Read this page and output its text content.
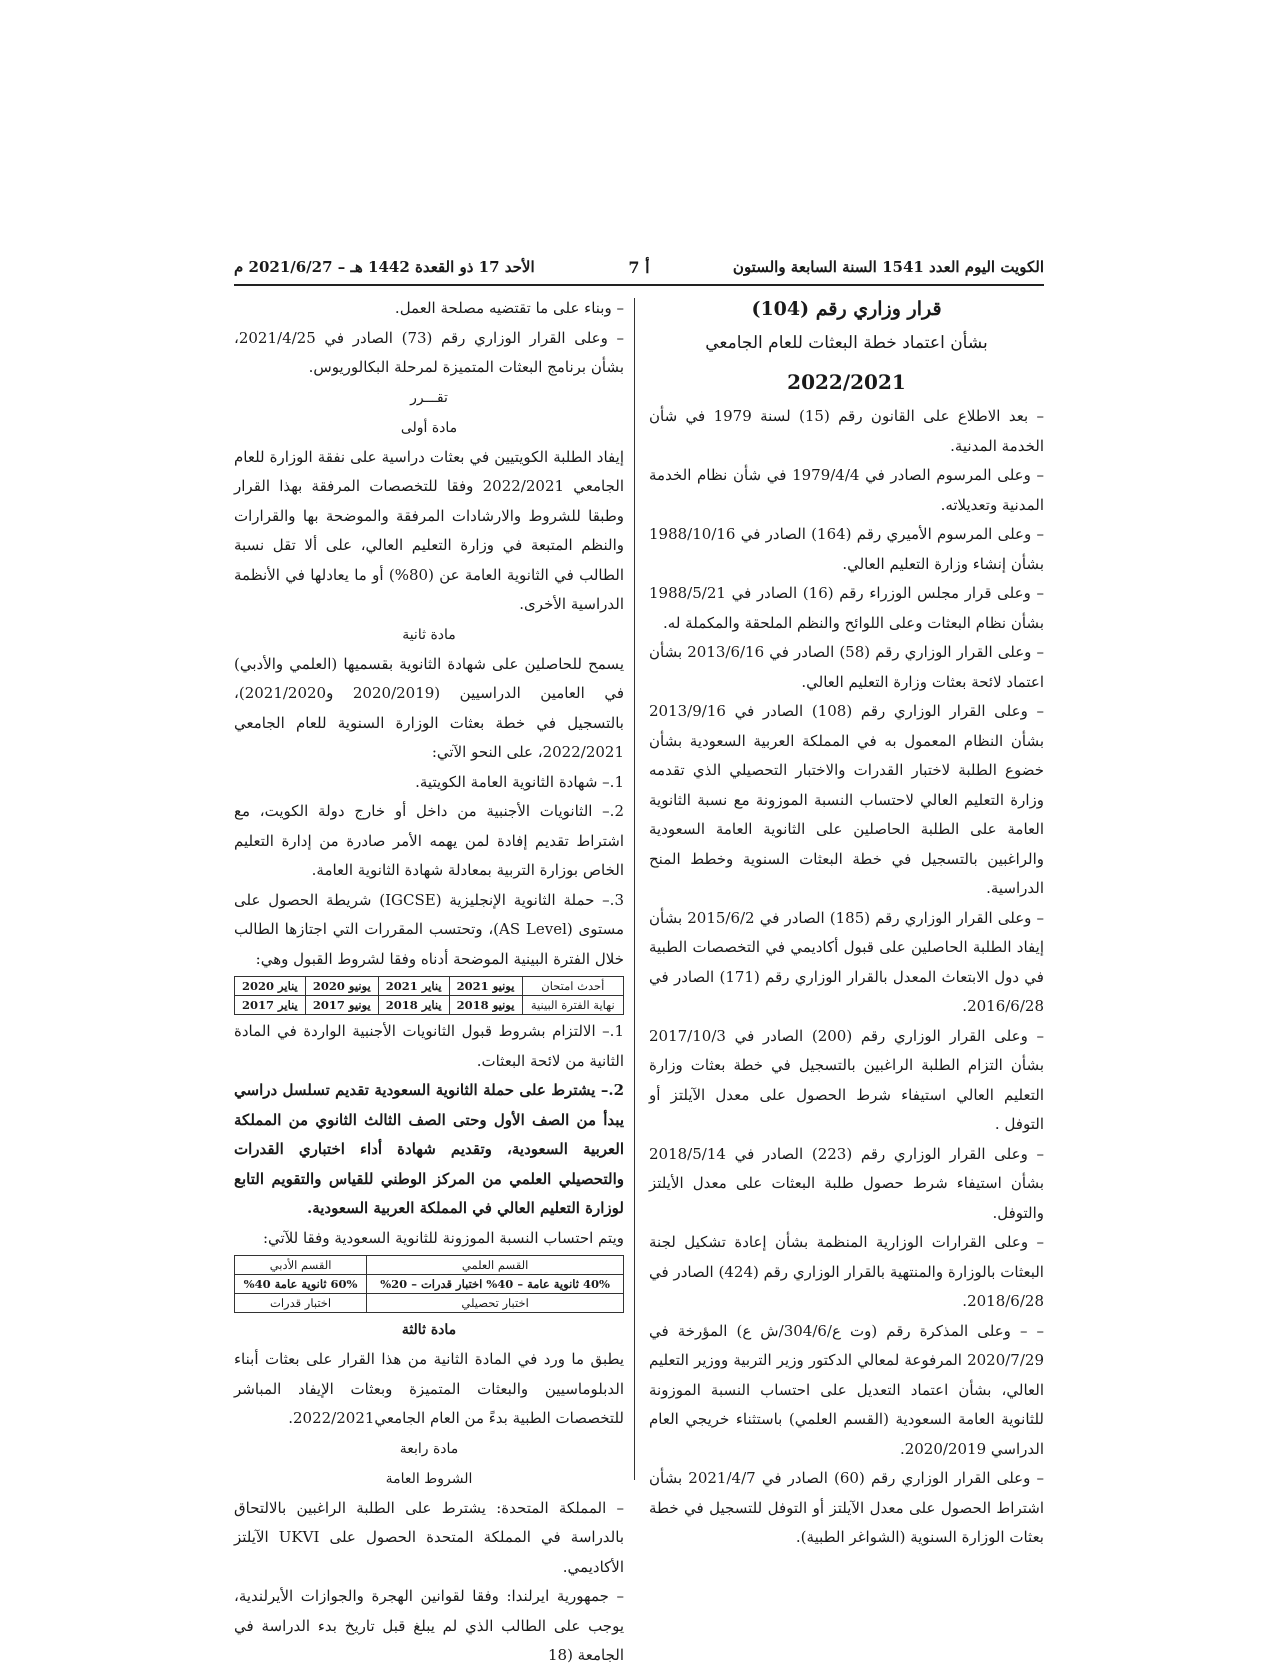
الكويت اليوم العدد 1541 السنة السابعة والستون
أ 7
الأحد 17 ذو القعدة 1442 هـ – 2021/6/27 م

قرار وزاري رقم (104)

بشأن اعتماد خطة البعثات للعام الجامعي

2022/2021

– بعد الاطلاع على القانون رقم (15) لسنة 1979 في شأن الخدمة المدنية.

– وعلى المرسوم الصادر في 1979/4/4 في شأن نظام الخدمة المدنية وتعديلاته.

– وعلى المرسوم الأميري رقم (164) الصادر في 1988/10/16 بشأن إنشاء وزارة التعليم العالي.

– وعلى قرار مجلس الوزراء رقم (16) الصادر في 1988/5/21 بشأن نظام البعثات وعلى اللوائح والنظم الملحقة والمكملة له.

– وعلى القرار الوزاري رقم (58) الصادر في 2013/6/16 بشأن اعتماد لائحة بعثات وزارة التعليم العالي.

– وعلى القرار الوزاري رقم (108) الصادر في 2013/9/16 بشأن النظام المعمول به في المملكة العربية السعودية بشأن خضوع الطلبة لاختبار القدرات والاختبار التحصيلي الذي تقدمه وزارة التعليم العالي لاحتساب النسبة الموزونة مع نسبة الثانوية العامة على الطلبة الحاصلين على الثانوية العامة السعودية والراغبين بالتسجيل في خطة البعثات السنوية وخطط المنح الدراسية.

– وعلى القرار الوزاري رقم (185) الصادر في 2015/6/2 بشأن إيفاد الطلبة الحاصلين على قبول أكاديمي في التخصصات الطبية في دول الابتعاث المعدل بالقرار الوزاري رقم (171) الصادر في 2016/6/28.

– وعلى القرار الوزاري رقم (200) الصادر في 2017/10/3 بشأن التزام الطلبة الراغبين بالتسجيل في خطة بعثات وزارة التعليم العالي استيفاء شرط الحصول على معدل الآيلتز أو التوفل .

– وعلى القرار الوزاري رقم (223) الصادر في 2018/5/14 بشأن استيفاء شرط حصول طلبة البعثات على معدل الأيلتز والتوفل.

– وعلى القرارات الوزارية المنظمة بشأن إعادة تشكيل لجنة البعثات بالوزارة والمنتهية بالقرار الوزاري رقم (424) الصادر في 2018/6/28.

– – وعلى المذكرة رقم (وت ع/304/6/ش ع) المؤرخة في 2020/7/29 المرفوعة لمعالي الدكتور وزير التربية ووزير التعليم العالي، بشأن اعتماد التعديل على احتساب النسبة الموزونة للثانوية العامة السعودية (القسم العلمي) باستثناء خريجي العام الدراسي 2020/2019.

– وعلى القرار الوزاري رقم (60) الصادر في 2021/4/7 بشأن اشتراط الحصول على معدل الآيلتز أو التوفل للتسجيل في خطة بعثات الوزارة السنوية (الشواغر الطبية).

– وبناء على ما تقتضيه مصلحة العمل.

– وعلى القرار الوزاري رقم (73) الصادر في 2021/4/25، بشأن برنامج البعثات المتميزة لمرحلة البكالوريوس.

تقـــرر

مادة أولى

إيفاد الطلبة الكويتيين في بعثات دراسية على نفقة الوزارة للعام الجامعي 2022/2021 وفقا للتخصصات المرفقة بهذا القرار وطبقا للشروط والارشادات المرفقة والموضحة بها والقرارات والنظم المتبعة في وزارة التعليم العالي، على ألا تقل نسبة الطالب في الثانوية العامة عن (80%) أو ما يعادلها في الأنظمة الدراسية الأخرى.

مادة ثانية

يسمح للحاصلين على شهادة الثانوية بقسميها (العلمي والأدبي) في العامين الدراسيين (2020/2019 و2021/2020)، بالتسجيل في خطة بعثات الوزارة السنوية للعام الجامعي 2022/2021، على النحو الآتي:

1.– شهادة الثانوية العامة الكويتية.

2.– الثانويات الأجنبية من داخل أو خارج دولة الكويت، مع اشتراط تقديم إفادة لمن يهمه الأمر صادرة من إدارة التعليم الخاص بوزارة التربية بمعادلة شهادة الثانوية العامة.

3.– حملة الثانوية الإنجليزية (IGCSE) شريطة الحصول على مستوى (AS Level)، وتحتسب المقررات التي اجتازها الطالب خلال الفترة البينية الموضحة أدناه وفقا لشروط القبول وهي:

أحدث امتحان	يونيو 2021	يناير 2021	يونيو 2020	يناير 2020
نهاية الفترة البينية	يونيو 2018	يناير 2018	يونيو 2017	يناير 2017

1.– الالتزام بشروط قبول الثانويات الأجنبية الواردة في المادة الثانية من لائحة البعثات.

2.– يشترط على حملة الثانوية السعودية تقديم تسلسل دراسي يبدأ من الصف الأول وحتى الصف الثالث الثانوي من المملكة العربية السعودية، وتقديم شهادة أداء اختباري القدرات والتحصيلي العلمي من المركز الوطني للقياس والتقويم التابع لوزارة التعليم العالي في المملكة العربية السعودية.

ويتم احتساب النسبة الموزونة للثانوية السعودية وفقا للآتي:

القسم العلمي	القسم الأدبي
40% ثانوية عامة – 40% اختبار قدرات – 20%	60% ثانوية عامة 40%
اختبار تحصيلي	اختبار قدرات

مادة ثالثة

يطبق ما ورد في المادة الثانية من هذا القرار على بعثات أبناء الدبلوماسيين والبعثات المتميزة وبعثات الإيفاد المباشر للتخصصات الطبية بدءً من العام الجامعي2022/2021.

مادة رابعة

الشروط العامة

– المملكة المتحدة: يشترط على الطلبة الراغبين بالالتحاق بالدراسة في المملكة المتحدة الحصول على UKVI الآيلتز الأكاديمي.

– جمهورية ايرلندا: وفقا لقوانين الهجرة والجوازات الأيرلندية، يوجب على الطالب الذي لم يبلغ قبل تاريخ بدء الدراسة في الجامعة (18
